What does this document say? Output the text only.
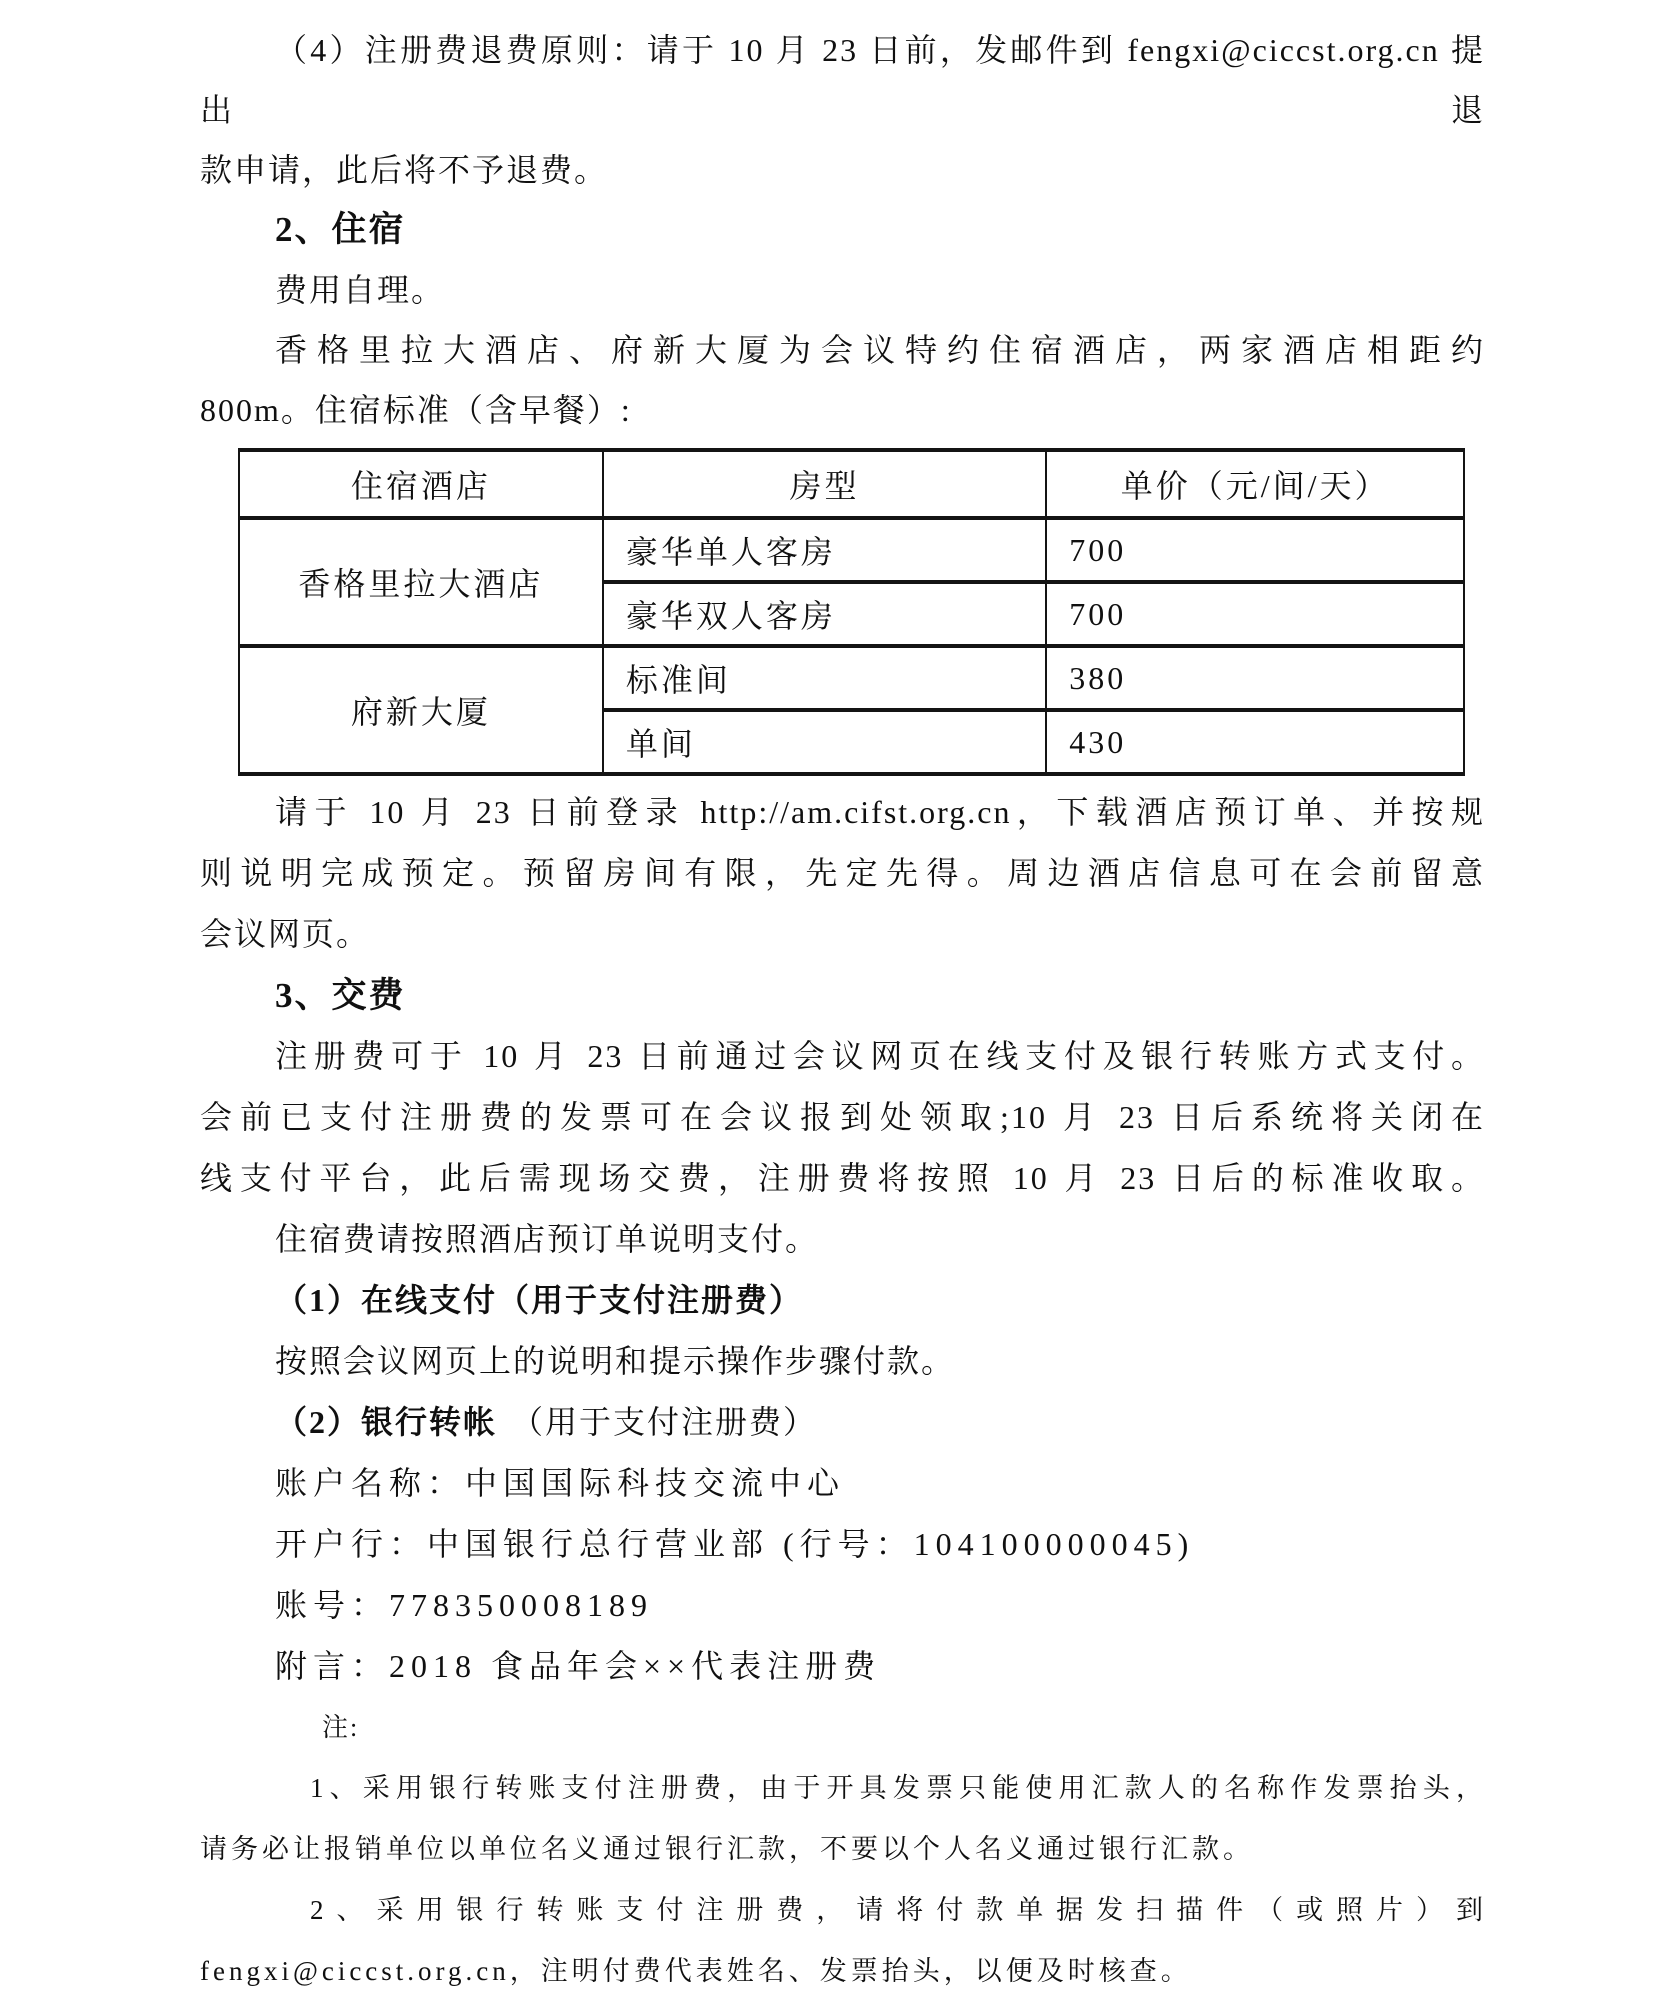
（4）注册费退费原则：请于 10 月 23 日前，发邮件到 fengxi@ciccst.org.cn 提出退
款申请，此后将不予退费。
2、住宿
费用自理。
香格里拉大酒店、府新大厦为会议特约住宿酒店，两家酒店相距约
800m。住宿标准（含早餐）:
住宿酒店	房型	单价（元/间/天）
香格里拉大酒店	豪华单人客房	700
	豪华双人客房	700
府新大厦	标准间	380
	单间	430
请于 10 月 23 日前登录 http://am.cifst.org.cn，下载酒店预订单、并按规
则说明完成预定。预留房间有限，先定先得。周边酒店信息可在会前留意
会议网页。
3、交费
注册费可于 10 月 23 日前通过会议网页在线支付及银行转账方式支付。
会前已支付注册费的发票可在会议报到处领取;10 月 23 日后系统将关闭在
线支付平台，此后需现场交费，注册费将按照 10 月 23 日后的标准收取。
住宿费请按照酒店预订单说明支付。
（1）在线支付（用于支付注册费）
按照会议网页上的说明和提示操作步骤付款。
（2）银行转帐 （用于支付注册费）
账户名称：中国国际科技交流中心
开户行：中国银行总行营业部 (行号：104100000045)
账号：778350008189
附言：2018 食品年会××代表注册费
注:
1、采用银行转账支付注册费，由于开具发票只能使用汇款人的名称作发票抬头，
请务必让报销单位以单位名义通过银行汇款，不要以个人名义通过银行汇款。
2、采用银行转账支付注册费，请将付款单据发扫描件（或照片）到
fengxi@ciccst.org.cn，注明付费代表姓名、发票抬头，以便及时核查。
